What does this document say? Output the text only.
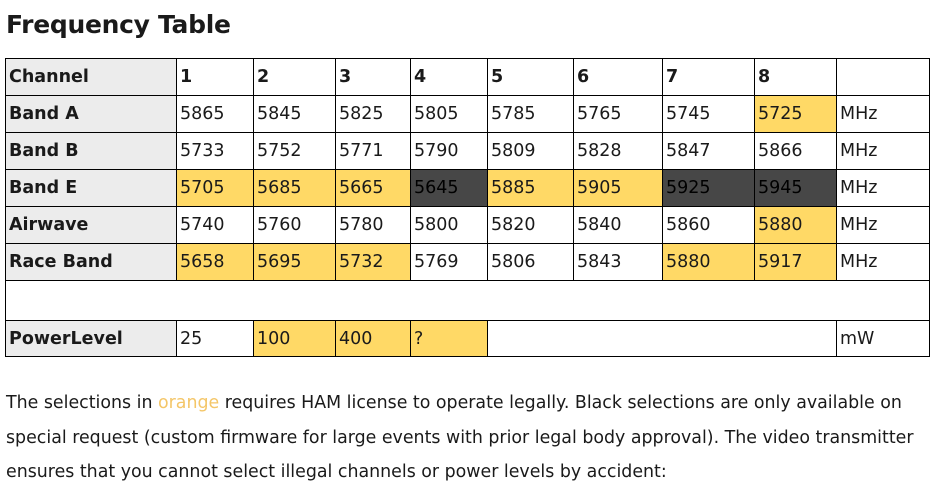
Frequency Table
Channel	1	2	3	4	5	6	7	8	
Band A	5865	5845	5825	5805	5785	5765	5745	5725	MHz
Band B	5733	5752	5771	5790	5809	5828	5847	5866	MHz
Band E	5705	5685	5665	5645	5885	5905	5925	5945	MHz
Airwave	5740	5760	5780	5800	5820	5840	5860	5880	MHz
Race Band	5658	5695	5732	5769	5806	5843	5880	5917	MHz

PowerLevel	25	100	400	?					mW

The selections in orange requires HAM license to operate legally. Black selections are only available on special request (custom firmware for large events with prior legal body approval). The video transmitter ensures that you cannot select illegal channels or power levels by accident:
